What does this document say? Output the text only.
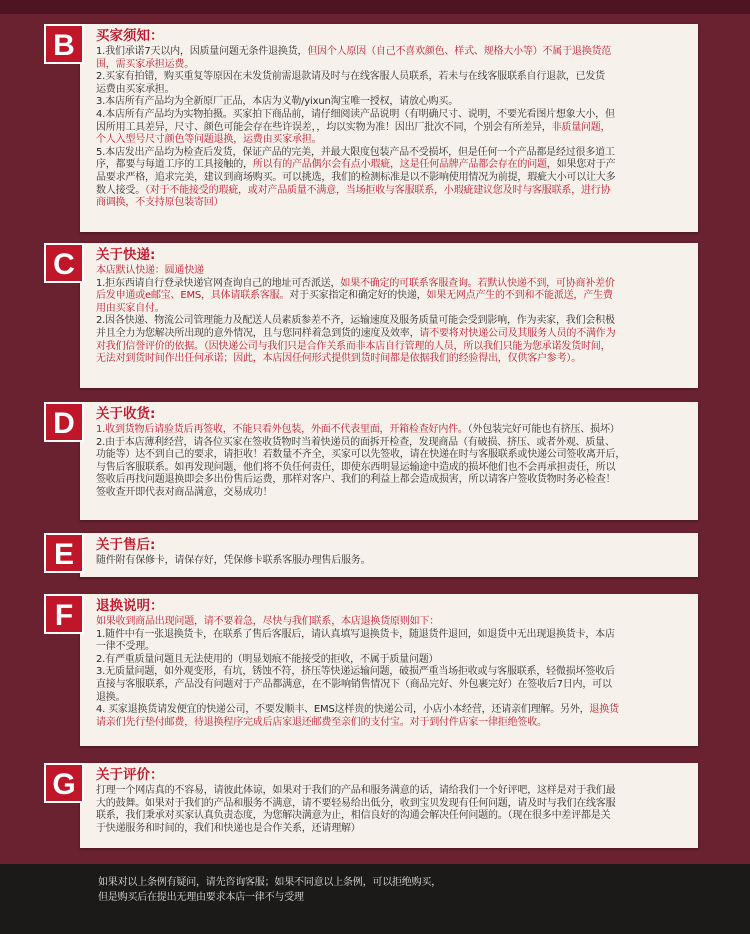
B	买家须知：
1.我们承诺7天以内，因质量问题无条件退换货，但因个人原因（自己不喜欢颜色、样式、规格大小等）不属于退换货范
围，需买家承担运费。
2.买家有拍错，购买重复等原因在未发货前需退款请及时与在线客服人员联系，若未与在线客服联系自行退款，已发货
运费由买家承担。
3.本店所有产品均为全新原厂正品，本店为义勒/yixun淘宝唯一授权，请放心购买。
4.本店所有产品均为实物拍摄。买家拍下商品前，请仔细阅读产品说明（有明确尺寸、说明，不要光看图片想象大小，但
因所用工具差异，尺寸、颜色可能会存在些许误差，，均以实物为准！因出厂批次不同，个别会有所差异，非质量问题，
个人入型号尺寸颜色等问题退换，运费由买家承担。
5.本店发出产品均为检查后发货，保证产品的完美，并最大限度包装产品不受损坏，但是任何一个产品都是经过很多道工
序，都要与每道工序的工具接触的，所以有的产品偶尔会有点小瑕疵，这是任何品牌产品都会存在的问题，如果您对于产
品要求严格，追求完美，建议到商场购买。可以挑选，我们的检测标准是以不影响使用情况为前提，瑕疵大小可以让大多
数人接受。（对于不能接受的瑕疵，或对产品质量不满意，当场拒收与客服联系，小瑕疵建议您及时与客服联系，进行协
商调换，不支持原包装寄回）
C	关于快递:
本店默认快递：圆通快递
1.拒东西请自行登录快递官网查询自己的地址可否派送，如果不确定的可联系客服查询。若默认快递不到，可协商补差价
后发申通或e邮宝、EMS，具体请联系客服。对于买家指定和确定好的快递，如果无网点产生的不到和不能派送，产生费
用由买家自付。
2.因各快递、物流公司管理能力及配送人员素质参差不齐，运输速度及服务质量可能会受到影响，作为卖家，我们会积极
并且全力为您解决所出现的意外情况，且与您同样着急到货的速度及效率，请不要将对快递公司及其服务人员的不满作为
对我们信誉评价的依据。（因快递公司与我们只是合作关系而非本店自行管理的人员，所以我们只能为您承诺发货时间，
无法对到货时间作出任何承诺；因此，本店因任何形式提供到货时间都是依据我们的经验得出，仅供客户参考）。
D	关于收货:
1.收到货物后请验货后再签收，不能只看外包装，外面不代表里面，开箱检查好内件。（外包装完好可能也有挤压、损坏）
2.由于本店薄利经营，请各位买家在签收货物时当着快递员的面拆开检查，发现商品（有破损、挤压、或者外观、质量、
功能等）达不到自己的要求，请拒收！若数量不齐全，买家可以先签收，请在快递在时与客服联系或快递公司签收离开后，
与售后客服联系。如再发现问题，他们将不负任何责任，即使东西明显运输途中造成的损坏他们也不会再承担责任，所以
签收后再找问题退换即会多出份售后运费，那样对客户、我们的利益上都会造成损害，所以请客户签收货物时务必检查！
签收查开即代表对商品满意，交易成功！
E	关于售后:
随件附有保修卡，请保存好，凭保修卡联系客服办理售后服务。
F	退换说明：
如果收到商品出现问题，请不要着急，尽快与我们联系，本店退换货原则如下：
1.随件中有一张退换货卡，在联系了售后客服后，请认真填写退换货卡，随退货件退回，如退货中无出现退换货卡，本店
一律不受理。
2.有严重质量问题且无法使用的（明显划痕不能接受的拒收，不属于质量问题）
3.无质量问题，如外观变形，有坑，锈蚀不符，挤压等快递运输问题，破损严重当场拒收或与客服联系，轻微损坏签收后
直接与客服联系，产品没有问题对于产品都满意，在不影响销售情况下（商品完好、外包裹完好）在签收后7日内，可以
退换。
4. 买家退换货请发便宜的快递公司，不要发顺丰、EMS这样贵的快递公司，小店小本经营，还请亲们理解。另外，退换货
请亲们先行垫付邮费，待退换程序完成后店家退还邮费至亲们的支付宝。对于到付件店家一律拒绝签收。
G	关于评价：
打理一个网店真的不容易，请彼此体谅，如果对于我们的产品和服务满意的话，请给我们一个好评吧，这样是对于我们最
大的鼓舞。如果对于我们的产品和服务不满意，请不要轻易给出低分，收到宝贝发现有任何问题，请及时与我们在线客服
联系，我们秉承对买家认真负责态度，为您解决满意为止，相信良好的沟通会解决任何问题的。（现在很多中差评都是关
于快递服务和时间的，我们和快递也是合作关系，还请理解）
如果对以上条例有疑问，请先咨询客服；如果不同意以上条例，可以拒绝购买，
但是购买后在提出无理由要求本店一律不与受理
